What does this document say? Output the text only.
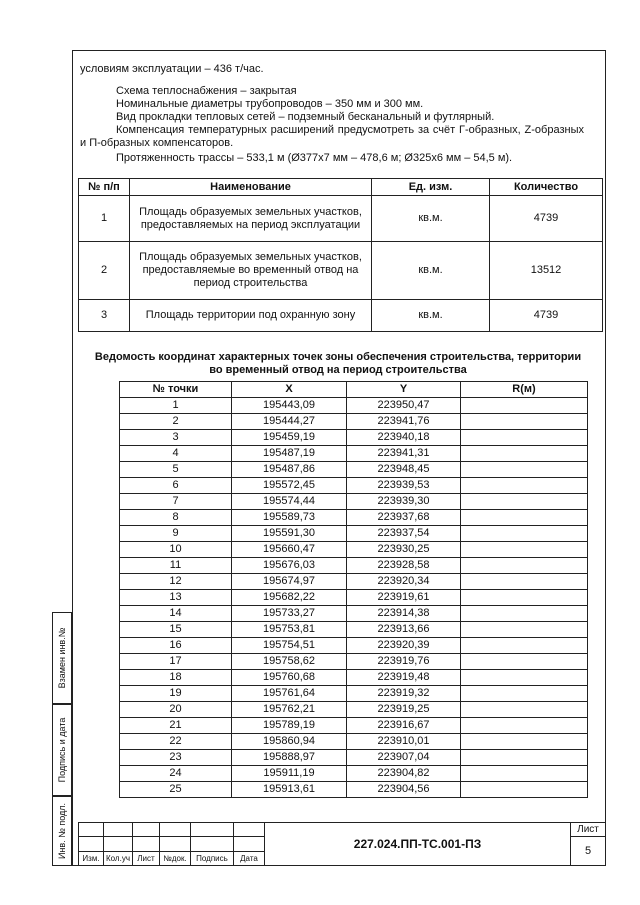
условиям эксплуатации – 436 т/час.

Схема теплоснабжения – закрытая

Номинальные диаметры трубопроводов – 350 мм и 300 мм.

Вид прокладки тепловых сетей – подземный бесканальный и футлярный.

Компенсация температурных расширений предусмотреть за счёт Г-образных, Z-образных и П-образных компенсаторов.

Протяженность трассы – 533,1 м (Ø377х7 мм – 478,6 м; Ø325х6 мм – 54,5 м).

№ п/п	Наименование	Ед. изм.	Количество
1	Площадь образуемых земельных участков, предоставляемых на период эксплуатации	кв.м.	4739
2	Площадь образуемых земельных участков, предоставляемые во временный отвод на период строительства	кв.м.	13512
3	Площадь территории под охранную зону	кв.м.	4739
Ведомость координат характерных точек зоны обеспечения строительства, территории во временный отвод на период строительства
№ точки	X	Y	R(м)
1	195443,09	223950,47	
2	195444,27	223941,76	
3	195459,19	223940,18	
4	195487,19	223941,31	
5	195487,86	223948,45	
6	195572,45	223939,53	
7	195574,44	223939,30	
8	195589,73	223937,68	
9	195591,30	223937,54	
10	195660,47	223930,25	
11	195676,03	223928,58	
12	195674,97	223920,34	
13	195682,22	223919,61	
14	195733,27	223914,38	
15	195753,81	223913,66	
16	195754,51	223920,39	
17	195758,62	223919,76	
18	195760,68	223919,48	
19	195761,64	223919,32	
20	195762,21	223919,25	
21	195789,19	223916,67	
22	195860,94	223910,01	
23	195888,97	223907,04	
24	195911,19	223904,82	
25	195913,61	223904,56	
Взамен инв.№
Подпись и дата
Инв. № подл.
							227.024.ПП-ТС.001-ПЗ	Лист
							5
Изм.	Кол.уч	Лист	№док.	Подпись	Дата		
